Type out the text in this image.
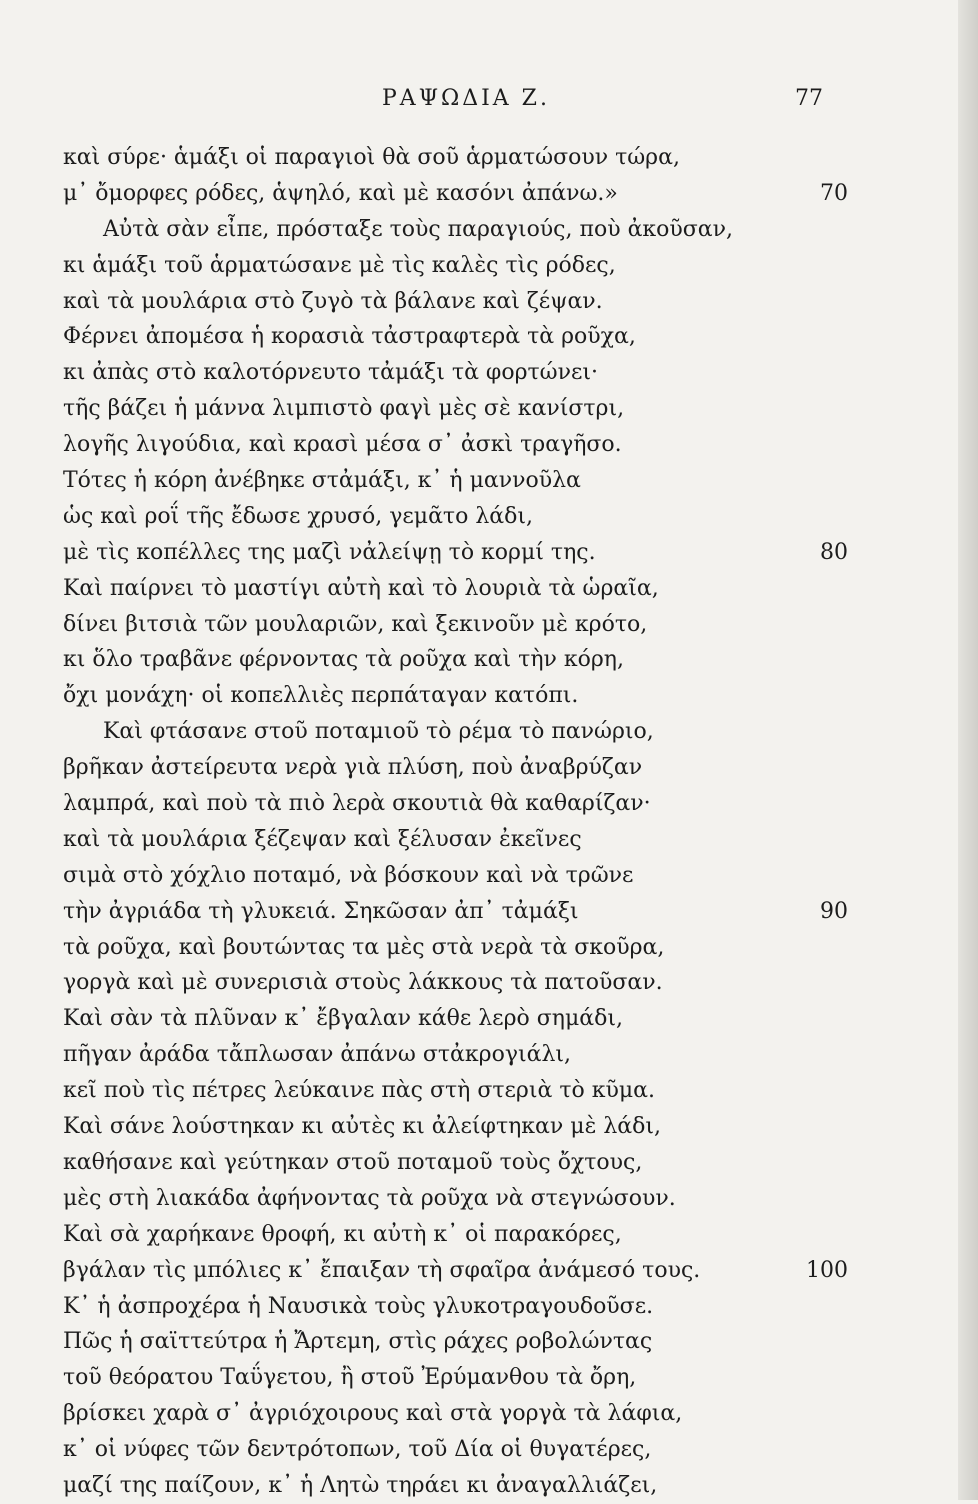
ΡΑΨΩΔΙΑ Ζ.	77
καὶ σύρε· ἁμάξι οἱ παραγιοὶ θὰ σοῦ ἁρματώσουν τώρα,
μ᾿ ὄμορφες ρόδες, ἁψηλό, καὶ μὲ κασόνι ἀπάνω.»	70
Αὐτὰ σὰν εἶπε, πρόσταξε τοὺς παραγιούς, ποὺ ἀκοῦσαν,
κι ἁμάξι τοῦ ἁρματώσανε μὲ τὶς καλὲς τὶς ρόδες,
καὶ τὰ μουλάρια στὸ ζυγὸ τὰ βάλανε καὶ ζέψαν.
Φέρνει ἀπομέσα ἡ κορασιὰ τἀστραφτερὰ τὰ ροῦχα,
κι ἀπὰς στὸ καλοτόρνευτο τἀμάξι τὰ φορτώνει·
τῆς βάζει ἡ μάννα λιμπιστὸ φαγὶ μὲς σὲ κανίστρι,
λογῆς λιγούδια, καὶ κρασὶ μέσα σ᾿ ἀσκὶ τραγῆσο.
Τότες ἡ κόρη ἀνέβηκε στἀμάξι, κ᾿ ἡ μαννοῦλα
ὡς καὶ ροΐ τῆς ἔδωσε χρυσό, γεμᾶτο λάδι,
μὲ τὶς κοπέλλες της μαζὶ νἀλείψῃ τὸ κορμί της.	80
Καὶ παίρνει τὸ μαστίγι αὐτὴ καὶ τὸ λουριὰ τὰ ὡραῖα,
δίνει βιτσιὰ τῶν μουλαριῶν, καὶ ξεκινοῦν μὲ κρότο,
κι ὅλο τραβᾶνε φέρνοντας τὰ ροῦχα καὶ τὴν κόρη,
ὄχι μονάχη· οἱ κοπελλιὲς περπάταγαν κατόπι.
Καὶ φτάσανε στοῦ ποταμιοῦ τὸ ρέμα τὸ πανώριο,
βρῆκαν ἀστείρευτα νερὰ γιὰ πλύση, ποὺ ἀναβρύζαν
λαμπρά, καὶ ποὺ τὰ πιὸ λερὰ σκουτιὰ θὰ καθαρίζαν·
καὶ τὰ μουλάρια ξέζεψαν καὶ ξέλυσαν ἐκεῖνες
σιμὰ στὸ χόχλιο ποταμό, νὰ βόσκουν καὶ νὰ τρῶνε
τὴν ἀγριάδα τὴ γλυκειά. Σηκῶσαν ἀπ᾿ τἀμάξι	90
τὰ ροῦχα, καὶ βουτώντας τα μὲς στὰ νερὰ τὰ σκοῦρα,
γοργὰ καὶ μὲ συνερισιὰ στοὺς λάκκους τὰ πατοῦσαν.
Καὶ σὰν τὰ πλῦναν κ᾿ ἔβγαλαν κάθε λερὸ σημάδι,
πῆγαν ἀράδα τἄπλωσαν ἀπάνω στἀκρογιάλι,
κεῖ ποὺ τὶς πέτρες λεύκαινε πὰς στὴ στεριὰ τὸ κῦμα.
Καὶ σάνε λούστηκαν κι αὐτὲς κι ἀλείφτηκαν μὲ λάδι,
καθήσανε καὶ γεύτηκαν στοῦ ποταμοῦ τοὺς ὄχτους,
μὲς στὴ λιακάδα ἀφήνοντας τὰ ροῦχα νὰ στεγνώσουν.
Καὶ σὰ χαρήκανε θροφή, κι αὐτὴ κ᾿ οἱ παρακόρες,
βγάλαν τὶς μπόλιες κ᾿ ἔπαιξαν τὴ σφαῖρα ἀνάμεσό τους.	100
Κ᾿ ἡ ἀσπροχέρα ἡ Ναυσικὰ τοὺς γλυκοτραγουδοῦσε.
Πῶς ἡ σαϊττεύτρα ἡ Ἄρτεμη, στὶς ράχες ροβολώντας
τοῦ θεόρατου Ταΰγετου, ἢ στοῦ Ἐρύμανθου τὰ ὄρη,
βρίσκει χαρὰ σ᾿ ἀγριόχοιρους καὶ στὰ γοργὰ τὰ λάφια,
κ᾿ οἱ νύφες τῶν δεντρότοπων, τοῦ Δία οἱ θυγατέρες,
μαζί της παίζουν, κ᾿ ἡ Λητὼ τηράει κι ἀναγαλλιάζει,
